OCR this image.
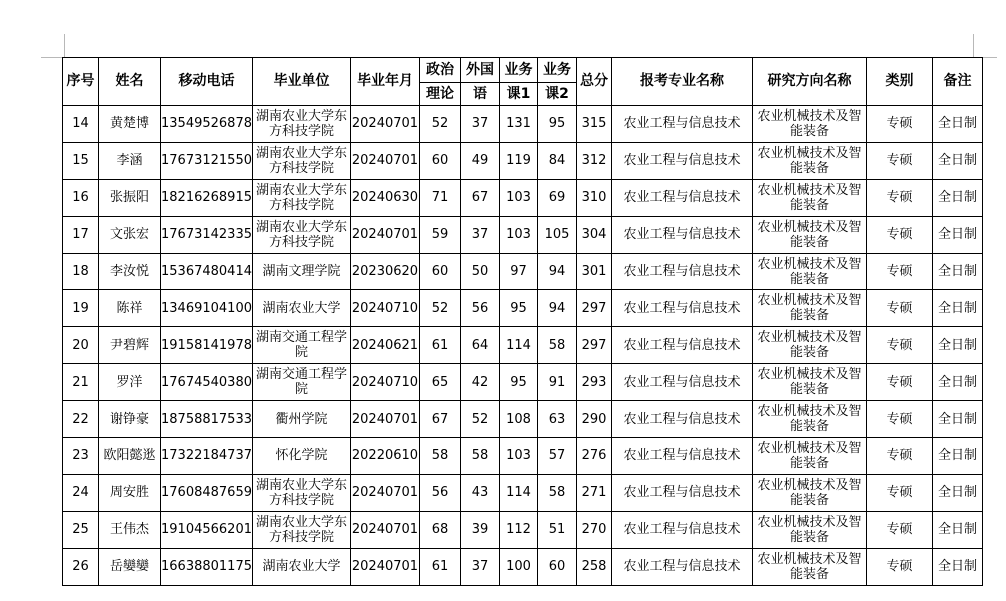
序号	姓名	移动电话	毕业单位	毕业年月	政治	外国	业务	业务	总分	报考专业名称	研究方向名称	类别	备注
					理论	语	课1	课2					
14	黄楚博	13549526878	湖南农业大学东方科技学院	20240701	52	37	131	95	315	农业工程与信息技术	农业机械技术及智能装备	专硕	全日制
15	李涵	17673121550	湖南农业大学东方科技学院	20240701	60	49	119	84	312	农业工程与信息技术	农业机械技术及智能装备	专硕	全日制
16	张振阳	18216268915	湖南农业大学东方科技学院	20240630	71	67	103	69	310	农业工程与信息技术	农业机械技术及智能装备	专硕	全日制
17	文张宏	17673142335	湖南农业大学东方科技学院	20240701	59	37	103	105	304	农业工程与信息技术	农业机械技术及智能装备	专硕	全日制
18	李汝悦	15367480414	湖南文理学院	20230620	60	50	97	94	301	农业工程与信息技术	农业机械技术及智能装备	专硕	全日制
19	陈祥	13469104100	湖南农业大学	20240710	52	56	95	94	297	农业工程与信息技术	农业机械技术及智能装备	专硕	全日制
20	尹碧辉	19158141978	湖南交通工程学院	20240621	61	64	114	58	297	农业工程与信息技术	农业机械技术及智能装备	专硕	全日制
21	罗洋	17674540380	湖南交通工程学院	20240710	65	42	95	91	293	农业工程与信息技术	农业机械技术及智能装备	专硕	全日制
22	谢铮豪	18758817533	衢州学院	20240701	67	52	108	63	290	农业工程与信息技术	农业机械技术及智能装备	专硕	全日制
23	欧阳懿逖	17322184737	怀化学院	20220610	58	58	103	57	276	农业工程与信息技术	农业机械技术及智能装备	专硕	全日制
24	周安胜	17608487659	湖南农业大学东方科技学院	20240701	56	43	114	58	271	农业工程与信息技术	农业机械技术及智能装备	专硕	全日制
25	王伟杰	19104566201	湖南农业大学东方科技学院	20240701	68	39	112	51	270	农业工程与信息技术	农业机械技术及智能装备	专硕	全日制
26	岳孌孌	16638801175	湖南农业大学	20240701	61	37	100	60	258	农业工程与信息技术	农业机械技术及智能装备	专硕	全日制
